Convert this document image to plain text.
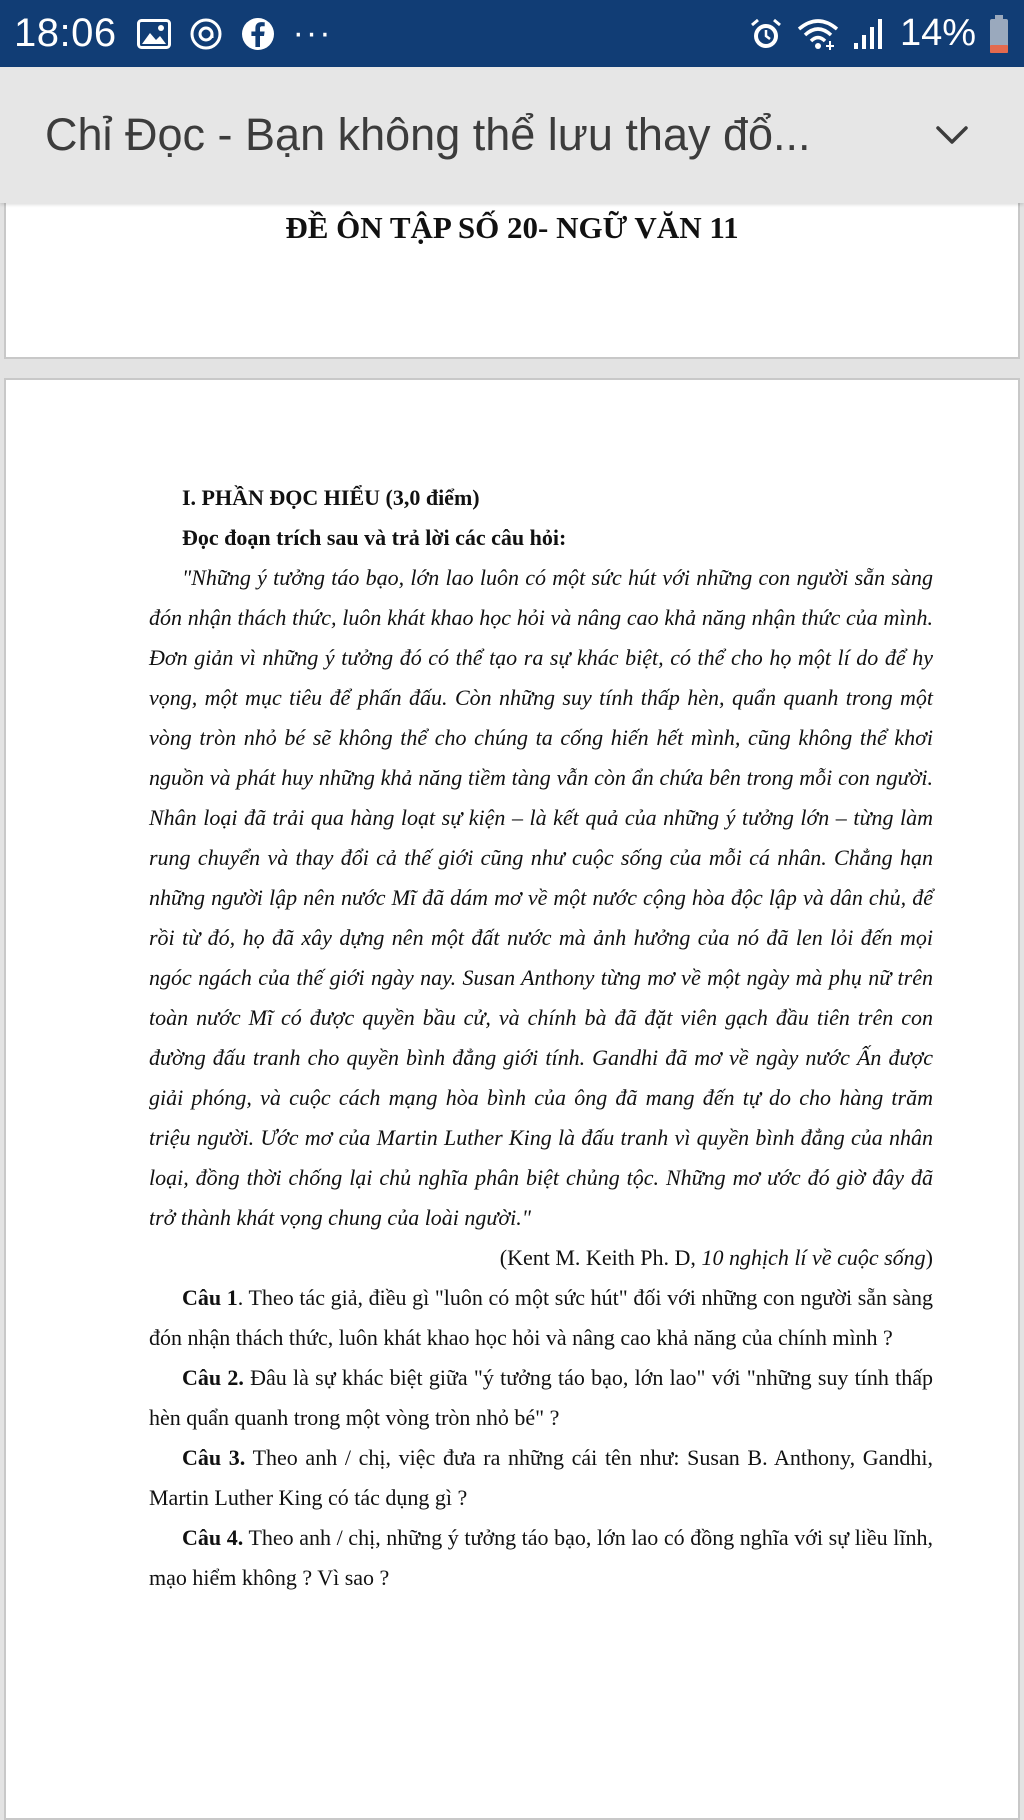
18:06	···	14%
Chỉ Đọc - Bạn không thể lưu thay đổ...
ĐỀ ÔN TẬP SỐ 20- NGỮ VĂN 11
I. PHẦN ĐỌC HIỂU (3,0 điểm)
Đọc đoạn trích sau và trả lời các câu hỏi:
"Những ý tưởng táo bạo, lớn lao luôn có một sức hút với những con người sẵn sàng đón nhận thách thức, luôn khát khao học hỏi và nâng cao khả năng nhận thức của mình. Đơn giản vì những ý tưởng đó có thể tạo ra sự khác biệt, có thể cho họ một lí do để hy vọng, một mục tiêu để phấn đấu. Còn những suy tính thấp hèn, quẩn quanh trong một vòng tròn nhỏ bé sẽ không thể cho chúng ta cống hiến hết mình, cũng không thể khơi nguồn và phát huy những khả năng tiềm tàng vẫn còn ẩn chứa bên trong mỗi con người. Nhân loại đã trải qua hàng loạt sự kiện – là kết quả của những ý tưởng lớn – từng làm rung chuyển và thay đổi cả thế giới cũng như cuộc sống của mỗi cá nhân. Chẳng hạn những người lập nên nước Mĩ đã dám mơ về một nước cộng hòa độc lập và dân chủ, để rồi từ đó, họ đã xây dựng nên một đất nước mà ảnh hưởng của nó đã len lỏi đến mọi ngóc ngách của thế giới ngày nay. Susan Anthony từng mơ về một ngày mà phụ nữ trên toàn nước Mĩ có được quyền bầu cử, và chính bà đã đặt viên gạch đầu tiên trên con đường đấu tranh cho quyền bình đẳng giới tính. Gandhi đã mơ về ngày nước Ấn được giải phóng, và cuộc cách mạng hòa bình của ông đã mang đến tự do cho hàng trăm triệu người. Ước mơ của Martin Luther King là đấu tranh vì quyền bình đẳng của nhân loại, đồng thời chống lại chủ nghĩa phân biệt chủng tộc. Những mơ ước đó giờ đây đã trở thành khát vọng chung của loài người."
(Kent M. Keith Ph. D, 10 nghịch lí về cuộc sống)
Câu 1. Theo tác giả, điều gì "luôn có một sức hút" đối với những con người sẵn sàng đón nhận thách thức, luôn khát khao học hỏi và nâng cao khả năng của chính mình ?
Câu 2. Đâu là sự khác biệt giữa "ý tưởng táo bạo, lớn lao" với "những suy tính thấp hèn quẩn quanh trong một vòng tròn nhỏ bé" ?
Câu 3. Theo anh / chị, việc đưa ra những cái tên như: Susan B. Anthony, Gandhi, Martin Luther King có tác dụng gì ?
Câu 4. Theo anh / chị, những ý tưởng táo bạo, lớn lao có đồng nghĩa với sự liều lĩnh, mạo hiểm không ? Vì sao ?
